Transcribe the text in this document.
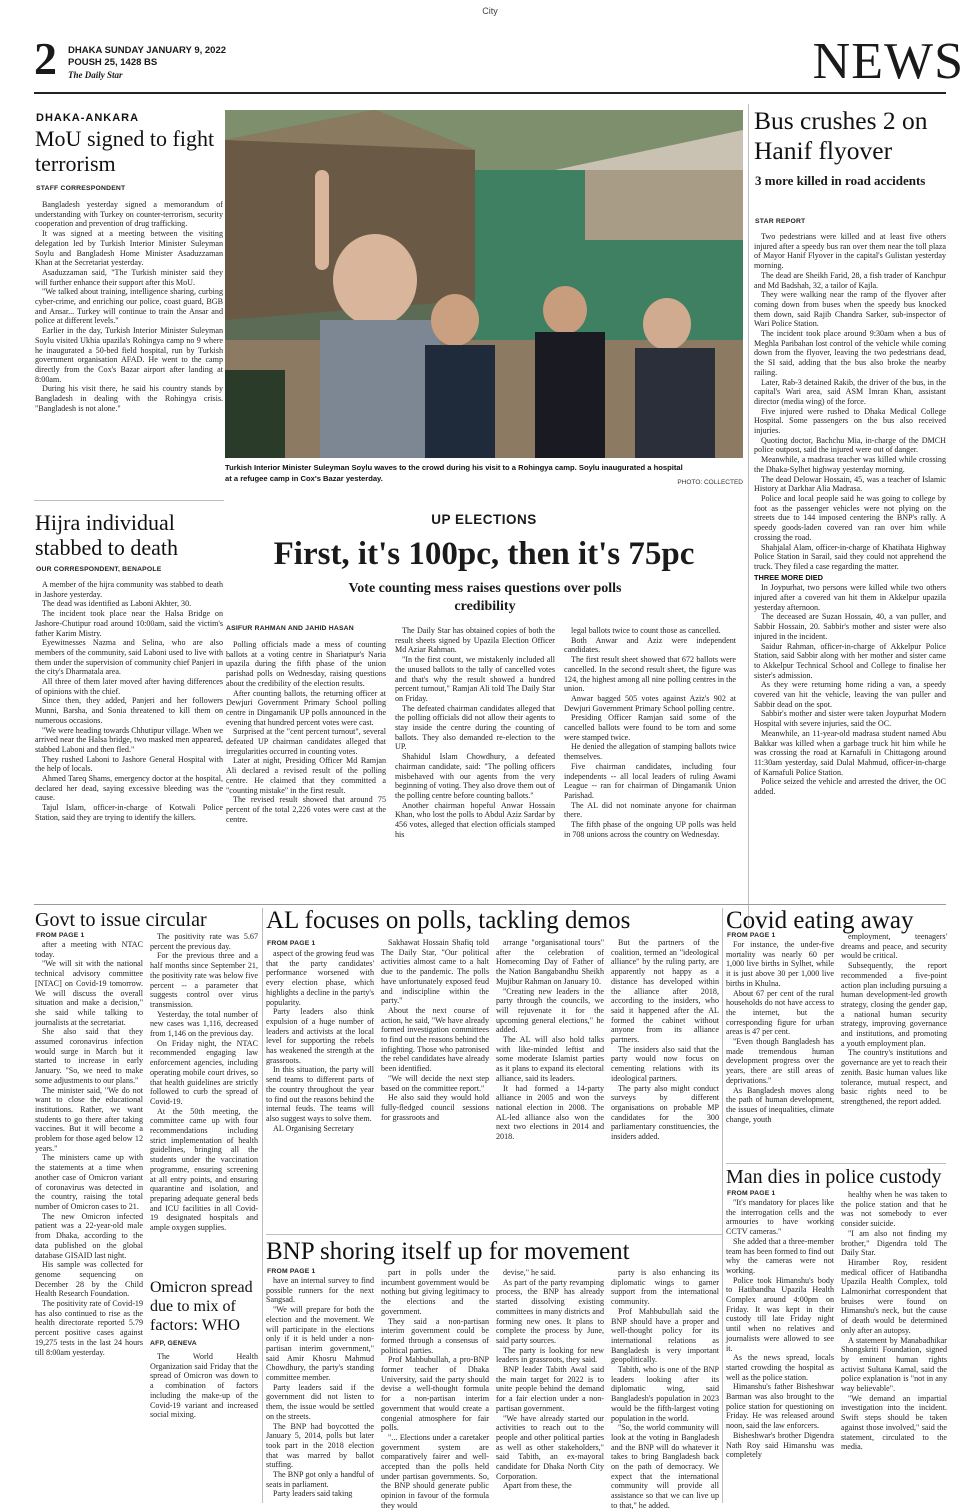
City
2 DHAKA SUNDAY JANUARY 9, 2022
POUSH 25, 1428 BS
The Daily Star	NEWS
DHAKA-ANKARA
MoU signed to fight terrorism
STAFF CORRESPONDENT

Bangladesh yesterday signed a memorandum of understanding with Turkey on counter-terrorism, security cooperation and prevention of drug trafficking.

It was signed at a meeting between the visiting delegation led by Turkish Interior Minister Suleyman Soylu and Bangladesh Home Minister Asaduzzaman Khan at the Secretariat yesterday.

Asaduzzaman said, "The Turkish minister said they will further enhance their support after this MoU.

"We talked about training, intelligence sharing, curbing cyber-crime, and enriching our police, coast guard, BGB and Ansar... Turkey will continue to train the Ansar and police at different levels."

Earlier in the day, Turkish Interior Minister Suleyman Soylu visited Ukhia upazila's Rohingya camp no 9 where he inaugurated a 50-bed field hospital, run by Turkish government organisation AFAD. He went to the camp directly from the Cox's Bazar airport after landing at 8:00am.

During his visit there, he said his country stands by Bangladesh in dealing with the Rohingya crisis. "Bangladesh is not alone."

Turkish Interior Minister Suleyman Soylu waves to the crowd during his visit to a Rohingya camp. Soylu inaugurated a hospital at a refugee camp in Cox's Bazar yesterday.	PHOTO: COLLECTED
Bus crushes 2 on Hanif flyover
3 more killed in road accidents
STAR REPORT

Two pedestrians were killed and at least five others injured after a speedy bus ran over them near the toll plaza of Mayor Hanif Flyover in the capital's Gulistan yesterday morning.

The dead are Sheikh Farid, 28, a fish trader of Kanchpur and Md Badshah, 32, a tailor of Kajla.

They were walking near the ramp of the flyover after coming down from buses when the speedy bus knocked them down, said Rajib Chandra Sarker, sub-inspector of Wari Police Station.

The incident took place around 9:30am when a bus of Meghla Paribahan lost control of the vehicle while coming down from the flyover, leaving the two pedestrians dead, the SI said, adding that the bus also broke the nearby railing.

Later, Rab-3 detained Rakib, the driver of the bus, in the capital's Wari area, said ASM Imran Khan, assistant director (media wing) of the force.

Five injured were rushed to Dhaka Medical College Hospital. Some passengers on the bus also received injuries.

Quoting doctor, Bachchu Mia, in-charge of the DMCH police outpost, said the injured were out of danger.

Meanwhile, a madrasa teacher was killed while crossing the Dhaka-Sylhet highway yesterday morning.

The dead Delowar Hossain, 45, was a teacher of Islamic History at Darkhar Alia Madrasa.

Police and local people said he was going to college by foot as the passenger vehicles were not plying on the streets due to 144 imposed centering the BNP's rally. A speedy goods-laden covered van ran over him while crossing the road.

Shahjalal Alam, officer-in-charge of Khatihata Highway Police Station in Sarail, said they could not apprehend the truck. They filed a case regarding the matter.

THREE MORE DIED

In Joypurhat, two persons were killed while two others injured after a covered van hit them in Akkelpur upazila yesterday afternoon.

The deceased are Suzan Hossain, 40, a van puller, and Sabbir Hossain, 20. Sabbir's mother and sister were also injured in the incident.

Saidur Rahman, officer-in-charge of Akkelpur Police Station, said Sabbir along with her mother and sister came to Akkelpur Technical School and College to finalise her sister's admission.

As they were returning home riding a van, a speedy covered van hit the vehicle, leaving the van puller and Sabbir dead on the spot.

Sabbir's mother and sister were taken Joypurhat Modern Hospital with severe injuries, said the OC.

Meanwhile, an 11-year-old madrasa student named Abu Bakkar was killed when a garbage truck hit him while he was crossing the road at Karnafuli in Chittagong around 11:30am yesterday, said Dulal Mahmud, officer-in-charge of Karnafuli Police Station.

Police seized the vehicle and arrested the driver, the OC added.

Hijra individual stabbed to death
OUR CORRESPONDENT, BENAPOLE

A member of the hijra community was stabbed to death in Jashore yesterday.

The dead was identified as Laboni Akhter, 30.

The incident took place near the Halsa Bridge on Jashore-Chutipur road around 10:00am, said the victim's father Karim Mistry.

Eyewitnesses Nazma and Selina, who are also members of the community, said Laboni used to live with them under the supervision of community chief Panjeri in the city's Dharmatala area.

All three of them later moved after having differences of opinions with the chief.

Since then, they added, Panjeri and her followers Munni, Barsha, and Sonia threatened to kill them on numerous occasions.

"We were heading towards Chhutipur village. When we arrived near the Halsa bridge, two masked men appeared, stabbed Laboni and then fled."

They rushed Laboni to Jashore General Hospital with the help of locals.

Ahmed Tareq Shams, emergency doctor at the hospital, declared her dead, saying excessive bleeding was the cause.

Tajul Islam, officer-in-charge of Kotwali Police Station, said they are trying to identify the killers.

UP ELECTIONS
First, it's 100pc, then it's 75pc
Vote counting mess raises questions over polls credibility
ASIFUR RAHMAN AND JAHID HASAN

Polling officials made a mess of counting ballots at a voting centre in Shariatpur's Naria upazila during the fifth phase of the union parishad polls on Wednesday, raising questions about the credibility of the election results.

After counting ballots, the returning officer at Dewjuri Government Primary School polling centre in Dingamanik UP polls announced in the evening that hundred percent votes were cast.

Surprised at the "cent percent turnout", several defeated UP chairman candidates alleged that irregularities occurred in counting votes.

Later at night, Presiding Officer Md Ramjan Ali declared a revised result of the polling centre. He claimed that they committed a "counting mistake" in the first result.

The revised result showed that around 75 percent of the total 2,226 votes were cast at the centre.

The Daily Star has obtained copies of both the result sheets signed by Upazila Election Officer Md Aziar Rahman.

"In the first count, we mistakenly included all the unused ballots to the tally of cancelled votes and that's why the result showed a hundred percent turnout," Ramjan Ali told The Daily Star on Friday.

The defeated chairman candidates alleged that the polling officials did not allow their agents to stay inside the centre during the counting of ballots. They also demanded re-election to the UP.

Shahidul Islam Chowdhury, a defeated chairman candidate, said: "The polling officers misbehaved with our agents from the very beginning of voting. They also drove them out of the polling centre before counting ballots."

Another chairman hopeful Anwar Hossain Khan, who lost the polls to Abdul Aziz Sardar by 456 votes, alleged that election officials stamped his

legal ballots twice to count those as cancelled.

Both Anwar and Aziz were independent candidates.

The first result sheet showed that 672 ballots were cancelled. In the second result sheet, the figure was 124, the highest among all nine polling centres in the union.

Anwar bagged 505 votes against Aziz's 902 at Dewjuri Government Primary School polling centre.

Presiding Officer Ramjan said some of the cancelled ballots were found to be torn and some were stamped twice.

He denied the allegation of stamping ballots twice themselves.

Five chairman candidates, including four independents -- all local leaders of ruling Awami League -- ran for chairman of Dingamanik Union Parishad.

The AL did not nominate anyone for chairman there.

The fifth phase of the ongoing UP polls was held in 708 unions across the country on Wednesday.

Govt to issue circular
FROM PAGE 1

after a meeting with NTAC today.

"We will sit with the national technical advisory committee [NTAC] on Covid-19 tomorrow. We will discuss the overall situation and make a decision," she said while talking to journalists at the secretariat.

She also said that they assumed coronavirus infection would surge in March but it started to increase in early January. "So, we need to make some adjustments to our plans."

The minister said, "We do not want to close the educational institutions. Rather, we want students to go there after taking vaccines. But it will become a problem for those aged below 12 years."

The ministers came up with the statements at a time when another case of Omicron variant of coronavirus was detected in the country, raising the total number of Omicron cases to 21.

The new Omicron infected patient was a 22-year-old male from Dhaka, according to the data published on the global database GISAID last night.

His sample was collected for genome sequencing on December 28 by the Child Health Research Foundation.

The positivity rate of Covid-19 has also continued to rise as the health directorate reported 5.79 percent positive cases against 19,275 tests in the last 24 hours till 8:00am yesterday.

The positivity rate was 5.67 percent the previous day.

For the previous three and a half months since September 21, the positivity rate was below five percent -- a parameter that suggests control over virus transmission.

Yesterday, the total number of new cases was 1,116, decreased from 1,146 on the previous day.

On Friday night, the NTAC recommended engaging law enforcement agencies, including operating mobile court drives, so that health guidelines are strictly followed to curb the spread of Covid-19.

At the 50th meeting, the committee came up with four recommendations including strict implementation of health guidelines, bringing all the students under the vaccination programme, ensuring screening at all entry points, and ensuring quarantine and isolation, and preparing adequate general beds and ICU facilities in all Covid-19 designated hospitals and ample oxygen supplies.

Omicron spread due to mix of factors: WHO
AFP, GENEVA

The World Health Organization said Friday that the spread of Omicron was down to a combination of factors including the make-up of the Covid-19 variant and increased social mixing.

AL focuses on polls, tackling demos
FROM PAGE 1

aspect of the growing feud was that the party candidates' performance worsened with every election phase, which highlights a decline in the party's popularity.

Party leaders also think expulsion of a huge number of leaders and activists at the local level for supporting the rebels has weakened the strength at the grassroots.

In this situation, the party will send teams to different parts of the country throughout the year to find out the reasons behind the internal feuds. The teams will also suggest ways to solve them.

AL Organising Secretary

Sakhawat Hossain Shafiq told The Daily Star, "Our political activities almost came to a halt due to the pandemic. The polls have unfortunately exposed feud and indiscipline within the party."

About the next course of action, he said, "We have already formed investigation committees to find out the reasons behind the infighting. Those who patronised the rebel candidates have already been identified.

"We will decide the next step based on the committee report."

He also said they would hold fully-fledged council sessions for grassroots and

arrange "organisational tours" after the celebration of Homecoming Day of Father of the Nation Bangabandhu Sheikh Mujibur Rahman on January 10.

"Creating new leaders in the party through the councils, we will rejuvenate it for the upcoming general elections," he added.

The AL will also hold talks with like-minded leftist and some moderate Islamist parties as it plans to expand its electoral alliance, said its leaders.

It had formed a 14-party alliance in 2005 and won the national election in 2008. The AL-led alliance also won the next two elections in 2014 and 2018.

But the partners of the coalition, termed an "ideological alliance" by the ruling party, are apparently not happy as a distance has developed within the alliance after 2018, according to the insiders, who said it happened after the AL formed the cabinet without anyone from its alliance partners.

The insiders also said that the party would now focus on cementing relations with its ideological partners.

The party also might conduct surveys by different organisations on probable MP candidates for the 300 parliamentary constituencies, the insiders added.

BNP shoring itself up for movement
FROM PAGE 1

have an internal survey to find possible runners for the next Sangsad.

"We will prepare for both the election and the movement. We will participate in the elections only if it is held under a non-partisan interim government," said Amir Khosru Mahmud Chowdhury, the party's standing committee member.

Party leaders said if the government did not listen to them, the issue would be settled on the streets.

The BNP had boycotted the January 5, 2014, polls but later took part in the 2018 election that was marred by ballot stuffing.

The BNP got only a handful of seats in parliament.

Party leaders said taking

part in polls under the incumbent government would be nothing but giving legitimacy to the elections and the government.

They said a non-partisan interim government could be formed through a consensus of political parties.

Prof Mahbubullah, a pro-BNP former teacher of Dhaka University, said the party should devise a well-thought formula for a non-partisan interim government that would create a congenial atmosphere for fair polls.

"... Elections under a caretaker government system are comparatively fairer and well-accepted than the polls held under partisan governments. So, the BNP should generate public opinion in favour of the formula they would

devise," he said.

As part of the party revamping process, the BNP has already started dissolving existing committees in many districts and forming new ones. It plans to complete the process by June, said party sources.

The party is looking for new leaders in grassroots, they said.

BNP leader Tabith Awal said the main target for 2022 is to unite people behind the demand for a fair election under a non-partisan government.

"We have already started our activities to reach out to the people and other political parties as well as other stakeholders," said Tabith, an ex-mayoral candidate for Dhaka North City Corporation.

Apart from these, the

party is also enhancing its diplomatic wings to garner support from the international community.

Prof Mahbubullah said the BNP should have a proper and well-thought policy for its international relations as Bangladesh is very important geopolitically.

Tabith, who is one of the BNP leaders looking after its diplomatic wing, said Bangladesh's population in 2023 would be the fifth-largest voting population in the world.

"So, the world community will look at the voting in Bangladesh and the BNP will do whatever it takes to bring Bangladesh back on the path of democracy. We expect that the international community will provide all assistance so that we can live up to that," he added.

Covid eating away
FROM PAGE 1

For instance, the under-five mortality was nearly 60 per 1,000 live births in Sylhet, while it is just above 30 per 1,000 live births in Khulna.

About 67 per cent of the rural households do not have access to the internet, but the corresponding figure for urban areas is 47 per cent.

"Even though Bangladesh has made tremendous human development progress over the years, there are still areas of deprivations."

As Bangladesh moves along the path of human development, the issues of inequalities, climate change, youth

employment, teenagers' dreams and peace, and security would be critical.

Subsequently, the report recommended a five-point action plan including pursuing a human development-led growth strategy, closing the gender gap, a national human security strategy, improving governance and institutions, and promoting a youth employment plan.

The country's institutions and governance are yet to reach their zenith. Basic human values like tolerance, mutual respect, and basic rights need to be strengthened, the report added.

Man dies in police custody
FROM PAGE 1

"It's mandatory for places like the interrogation cells and the armouries to have working CCTV cameras."

She added that a three-member team has been formed to find out why the cameras were not working.

Police took Himanshu's body to Hatibandha Upazila Health Complex around 4:00pm on Friday. It was kept in their custody till late Friday night until when no relatives and journalists were allowed to see it.

As the news spread, locals started crowding the hospital as well as the police station.

Himanshu's father Bisheshwar Barman was also brought to the police station for questioning on Friday. He was released around noon, said the law enforcers.

Bisheshwar's brother Digendra Nath Roy said Himanshu was completely

healthy when he was taken to the police station and that he was not somebody to ever consider suicide.

"I am also not finding my brother," Digendra told The Daily Star.

Hiramber Roy, resident medical officer of Hatibandha Upazila Health Complex, told Lalmonirhat correspondent that bruises were found on Himanshu's neck, but the cause of death would be determined only after an autopsy.

A statement by Manabadhikar Shongskriti Foundation, signed by eminent human rights activist Sultana Kamal, said the police explanation is "not in any way believable".

"We demand an impartial investigation into the incident. Swift steps should be taken against those involved," said the statement, circulated to the media.
